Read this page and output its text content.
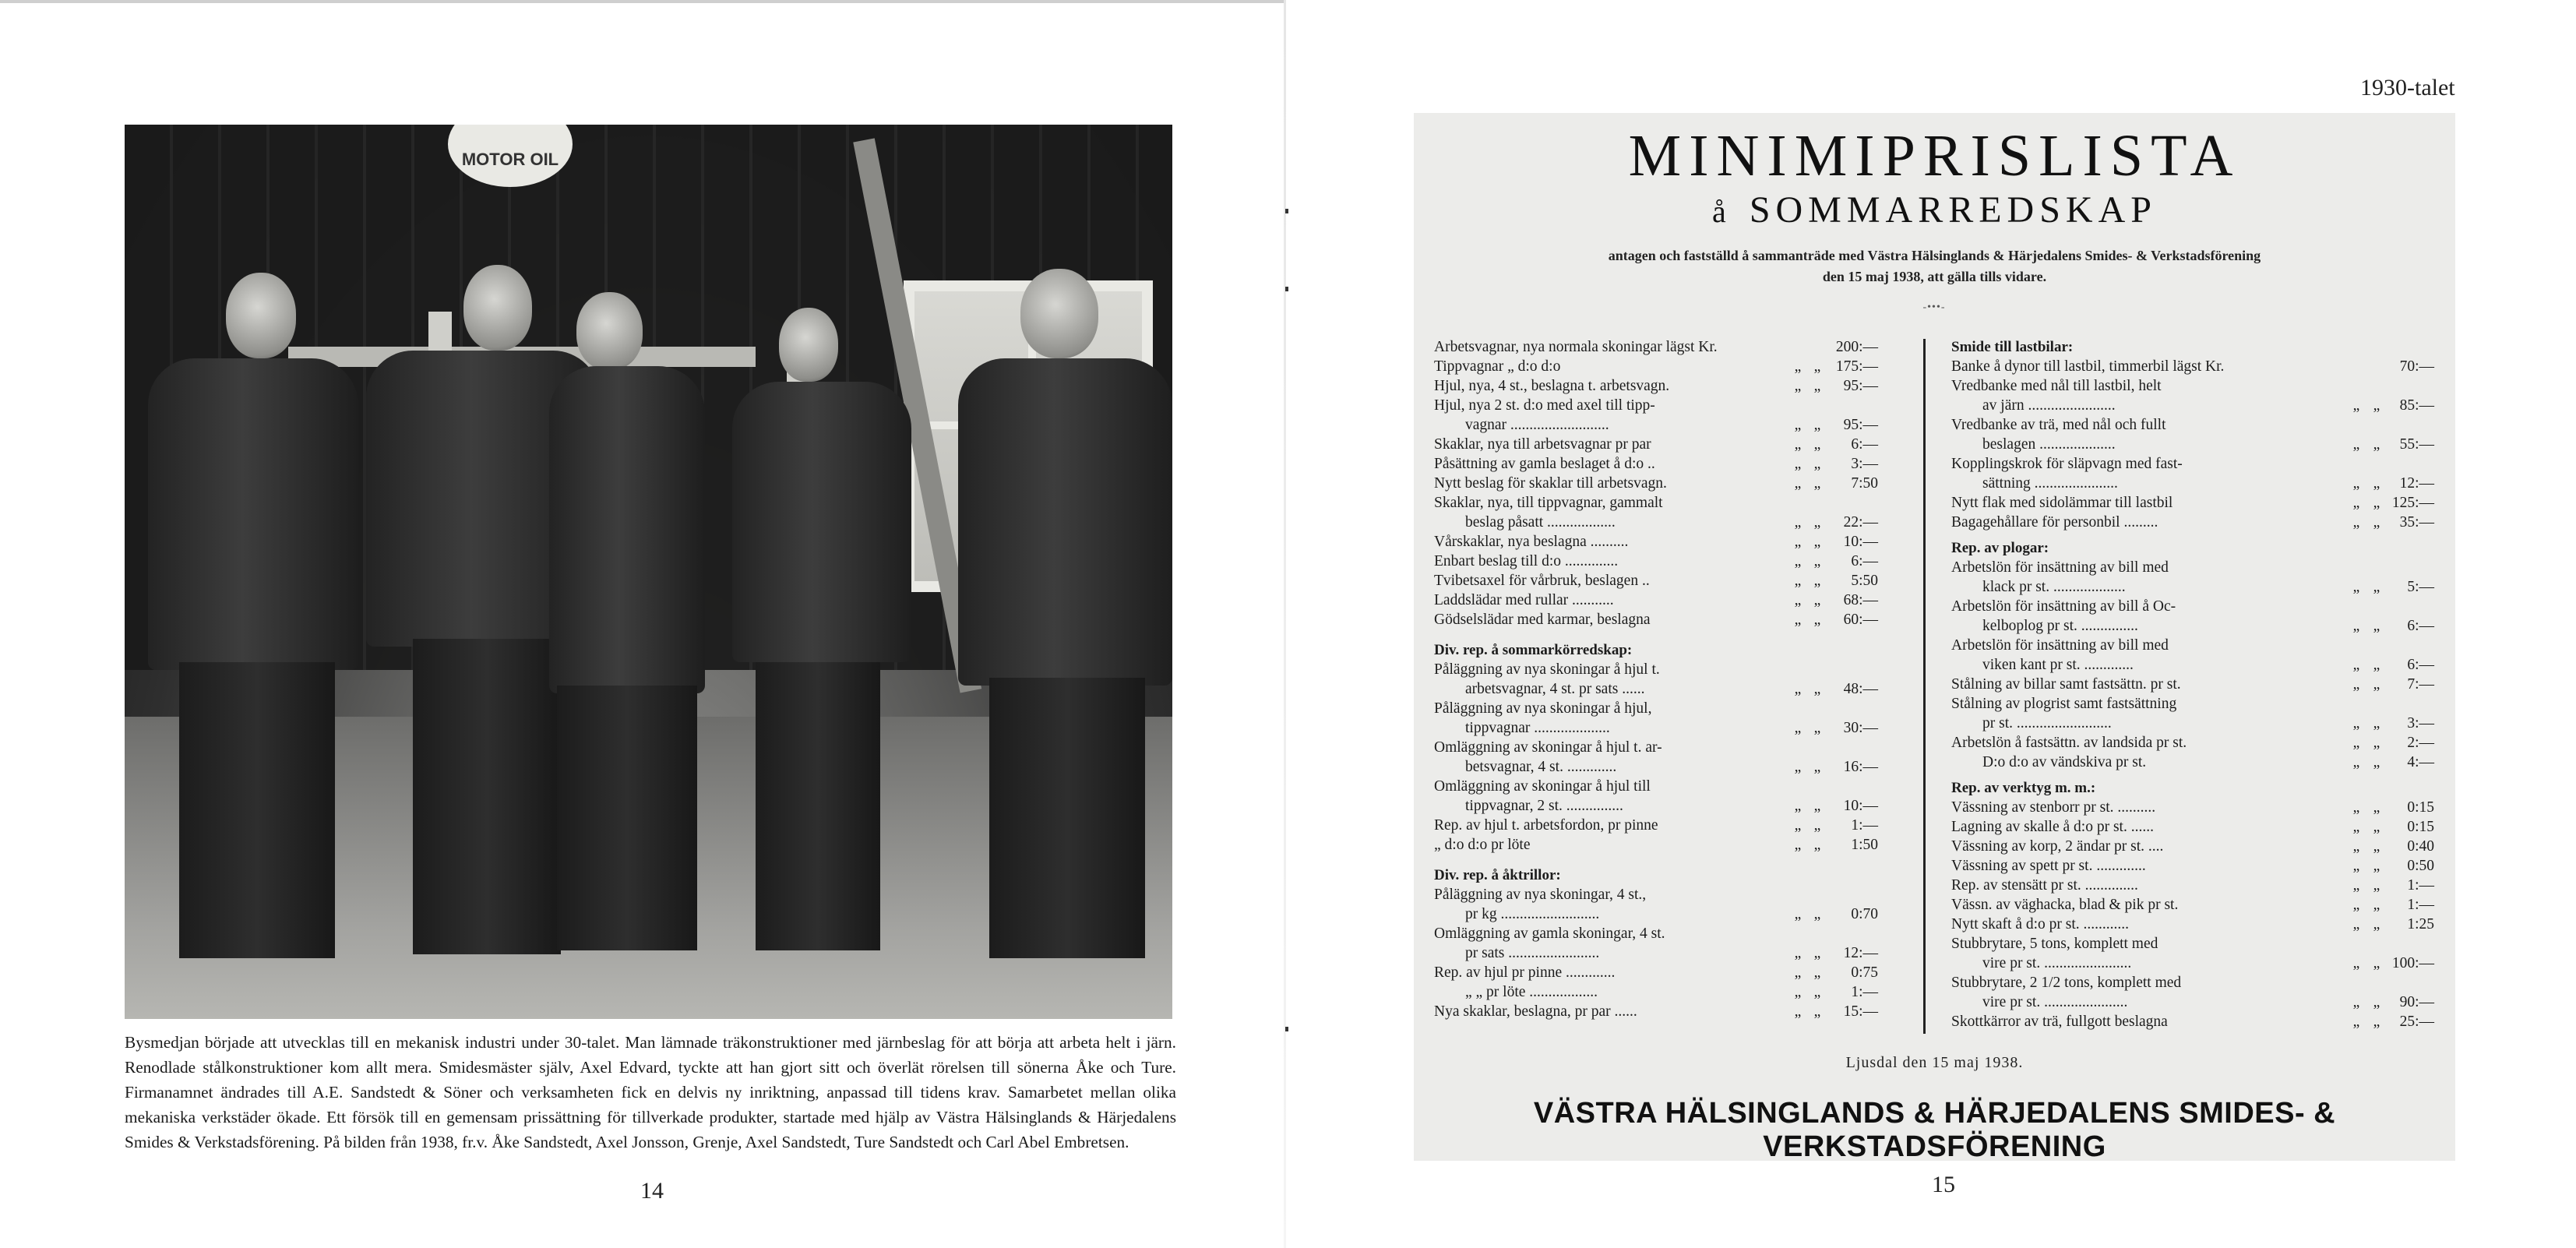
MOTOR OIL
Bysmedjan började att utvecklas till en mekanisk industri under 30-talet. Man lämnade träkonstruktioner med järnbeslag för att börja att arbeta helt i järn. Renodlade stålkonstruktioner kom allt mera. Smidesmäster själv, Axel Edvard, tyckte att han gjort sitt och överlät rörelsen till sönerna Åke och Ture. Firmanamnet ändrades till A.E. Sandstedt & Söner och verksamheten fick en delvis ny inriktning, anpassad till tidens krav. Samarbetet mellan olika mekaniska verkstäder ökade. Ett försök till en gemensam prissättning för tillverkade produkter, startade med hjälp av Västra Hälsinglands & Härjedalens Smides & Verkstadsförening. På bilden från 1938, fr.v. Åke Sandstedt, Axel Jonsson, Grenje, Axel Sandstedt, Ture Sandstedt och Carl Abel Embretsen.
14
1930-talet
MINIMIPRISLISTA
å SOMMARREDSKAP
antagen och fastställd å sammanträde med Västra Hälsinglands & Härjedalens Smides- & Verkstadsförening
den 15 maj 1938, att gälla tills vidare.
-•••-
Arbetsvagnar, nya normala skoningar lägst Kr.	200:—
Tippvagnar „ d:o d:o	„ „	175:—
Hjul, nya, 4 st., beslagna t. arbetsvagn.	„ „	95:—
Hjul, nya 2 st. d:o med axel till tipp-
vagnar ..........................	„ „	95:—
Skaklar, nya till arbetsvagnar pr par	„ „	6:—
Påsättning av gamla beslaget å d:o ..	„ „	3:—
Nytt beslag för skaklar till arbetsvagn.	„ „	7:50
Skaklar, nya, till tippvagnar, gammalt
beslag påsatt ..................	„ „	22:—
Vårskaklar, nya beslagna ..........	„ „	10:—
Enbart beslag till d:o ..............	„ „	6:—
Tvibetsaxel för vårbruk, beslagen ..	„ „	5:50
Laddslädar med rullar ...........	„ „	68:—
Gödselslädar med karmar, beslagna	„ „	60:—
Div. rep. å sommarkörredskap:
Påläggning av nya skoningar å hjul t.
arbetsvagnar, 4 st. pr sats ......	„ „	48:—
Påläggning av nya skoningar å hjul,
tippvagnar ....................	„ „	30:—
Omläggning av skoningar å hjul t. ar-
betsvagnar, 4 st. .............	„ „	16:—
Omläggning av skoningar å hjul till
tippvagnar, 2 st. ...............	„ „	10:—
Rep. av hjul t. arbetsfordon, pr pinne	„ „	1:—
„ d:o d:o pr löte	„ „	1:50
Div. rep. å åktrillor:
Påläggning av nya skoningar, 4 st.,
pr kg ..........................	„ „	0:70
Omläggning av gamla skoningar, 4 st.
pr sats ........................	„ „	12:—
Rep. av hjul pr pinne .............	„ „	0:75
„ „ pr löte ..................	„ „	1:—
Nya skaklar, beslagna, pr par ......	„ „	15:—
Smide till lastbilar:
Banke å dynor till lastbil, timmerbil lägst Kr.	70:—
Vredbanke med nål till lastbil, helt
av järn .......................	„ „	85:—
Vredbanke av trä, med nål och fullt
beslagen ....................	„ „	55:—
Kopplingskrok för släpvagn med fast-
sättning ......................	„ „	12:—
Nytt flak med sidolämmar till lastbil	„ „ 125:—
Bagagehållare för personbil .........	„ „	35:—
Rep. av plogar:
Arbetslön för insättning av bill med
klack pr st. ...................	„ „	5:—
Arbetslön för insättning av bill å Oc-
kelboplog pr st. ...............	„ „	6:—
Arbetslön för insättning av bill med
viken kant pr st. .............	„ „	6:—
Stålning av billar samt fastsättn. pr st.	„ „	7:—
Stålning av plogrist samt fastsättning
pr st. .........................	„ „	3:—
Arbetslön å fastsättn. av landsida pr st.	„ „	2:—
D:o d:o av vändskiva pr st.	„ „	4:—
Rep. av verktyg m. m.:
Vässning av stenborr pr st. ..........	„ „	0:15
Lagning av skalle å d:o pr st. ......	„ „	0:15
Vässning av korp, 2 ändar pr st. ....	„ „	0:40
Vässning av spett pr st. .............	„ „	0:50
Rep. av stensätt pr st. ..............	„ „	1:—
Vässn. av väghacka, blad & pik pr st.	„ „	1:—
Nytt skaft å d:o pr st. ............	„ „	1:25
Stubbrytare, 5 tons, komplett med
vire pr st. .......................	„ „ 100:—
Stubbrytare, 2 1/2 tons, komplett med
vire pr st. ......................	„ „	90:—
Skottkärror av trä, fullgott beslagna	„ „	25:—
Ljusdal den 15 maj 1938.
VÄSTRA HÄLSINGLANDS & HÄRJEDALENS SMIDES- & VERKSTADSFÖRENING
15
